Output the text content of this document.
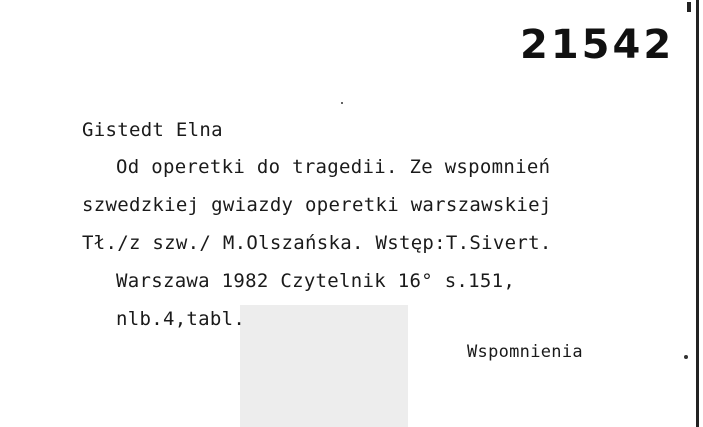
21542
Gistedt Elna
Od operetki do tragedii. Ze wspomnień
szwedzkiej gwiazdy operetki warszawskiej
Tł./z szw./ M.Olszańska. Wstęp:T.Sivert.
Warszawa 1982 Czytelnik 16° s.151,
nlb.4,tabl.
Wspomnienia
